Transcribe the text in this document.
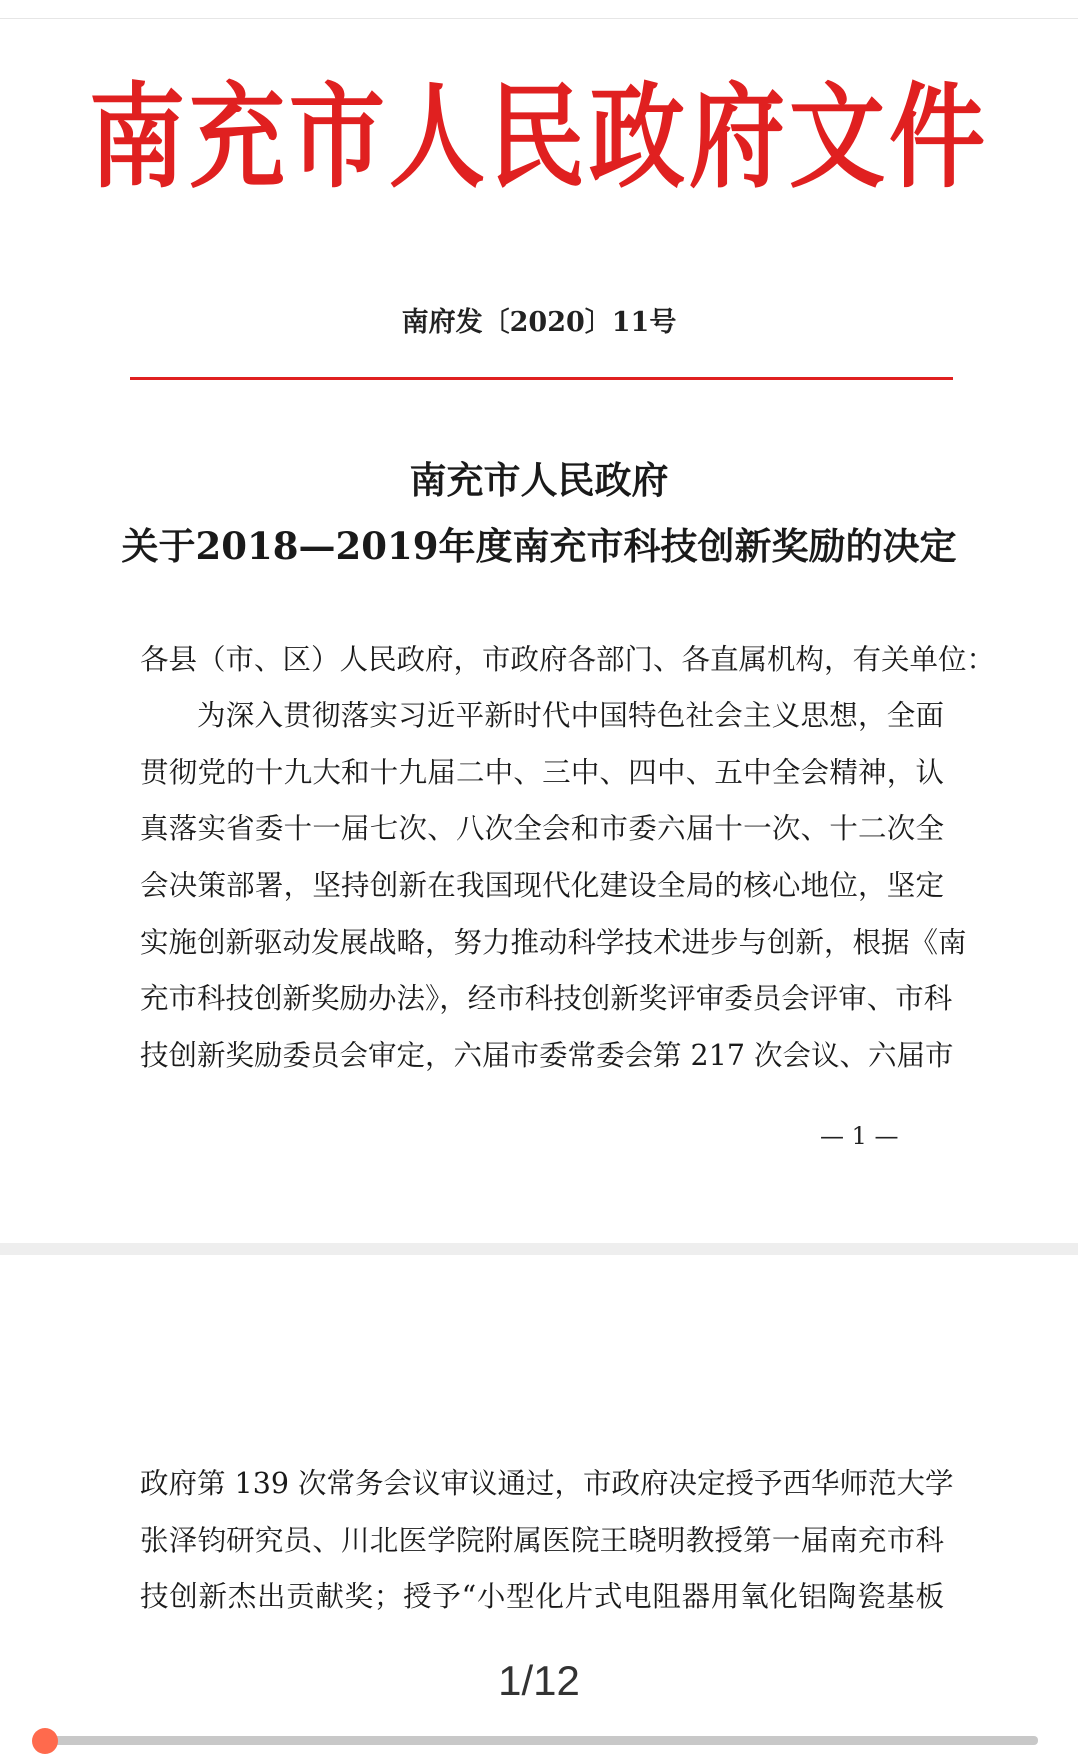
南充市人民政府文件
南府发〔2020〕11号
南充市人民政府
关于2018—2019年度南充市科技创新奖励的决定
各县（市、区）人民政府，市政府各部门、各直属机构，有关单位：
为深入贯彻落实习近平新时代中国特色社会主义思想，全面
贯彻党的十九大和十九届二中、三中、四中、五中全会精神，认
真落实省委十一届七次、八次全会和市委六届十一次、十二次全
会决策部署，坚持创新在我国现代化建设全局的核心地位，坚定
实施创新驱动发展战略，努力推动科学技术进步与创新，根据《南
充市科技创新奖励办法》，经市科技创新奖评审委员会评审、市科
技创新奖励委员会审定，六届市委常委会第 217 次会议、六届市
— 1 —
政府第 139 次常务会议审议通过，市政府决定授予西华师范大学
张泽钧研究员、川北医学院附属医院王晓明教授第一届南充市科
技创新杰出贡献奖；授予“小型化片式电阻器用氧化铝陶瓷基板
1/12
